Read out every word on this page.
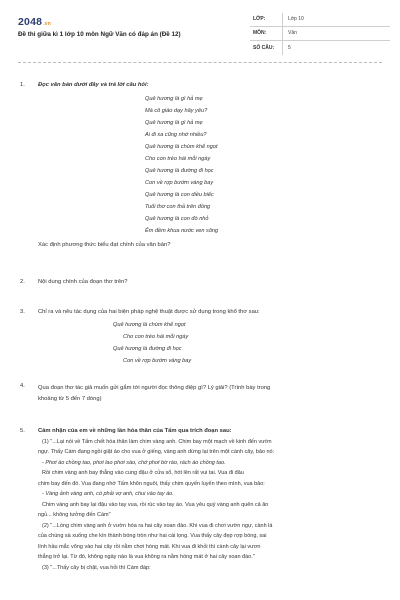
2048.vn
Đề thi giữa kì 1 lớp 10 môn Ngữ Văn có đáp án (Đề 12)
LỚP:	Lớp 10
MÔN:	Văn
SỐ CÂU:	5
1. Đọc văn bản dưới đây và trả lời câu hỏi:
Quê hương là gì hả mẹ
Mà cô giáo dạy hãy yêu?
Quê hương là gì hả mẹ
Ai đi xa cũng nhớ nhiều?
Quê hương là chùm khế ngọt
Cho con trèo hái mỗi ngày
Quê hương là đường đi học
Con về rợp bướm vàng bay
Quê hương là con diều biếc
Tuổi thơ con thả trên đồng
Quê hương là con đò nhỏ
Êm đềm khua nước ven sông
Xác định phương thức biểu đạt chính của văn bản?
2. Nội dung chính của đoạn thơ trên?
3. Chỉ ra và nêu tác dụng của hai biện pháp nghệ thuật được sử dụng trong khổ thơ sau:
Quê hương là chùm khế ngọt
Cho con trèo hái mỗi ngày
Quê hương là đường đi học
Con về rợp bướm vàng bay
4. Qua đoạn thơ tác giả muốn gửi gắm tới người đọc thông điệp gì? Lý giải? (Trình bày trong
khoảng từ 5 đến 7 dòng)
5. Cảm nhận của em về những lần hóa thân của Tấm qua trích đoạn sau:
(1) "...Lại nói về Tấm chết hóa thân làm chim vàng anh. Chim bay một mạch về kinh đến vườn
ngự. Thấy Cám đang ngồi giặt áo cho vua ở giếng, vàng anh dừng lại trên một cành cây, bảo nó:
- Phơi áo chồng tao, phơi lao phơi sào, chớ phơi bờ rào, rách áo chồng tao.
Rồi chim vàng anh bay thẳng vào cung đậu ở cửa sổ, hót lên rất vui tai. Vua đi đâu
chim bay đến đó. Vua đang nhớ Tấm khôn nguôi, thấy chim quyến luyến theo mình, vua bảo:
- Vàng ảnh vàng anh, có phải vợ anh, chui vào tay áo.
Chim vàng anh bay lại đậu vào tay vua, rồi rúc vào tay áo. Vua yêu quý vàng anh quên cả ăn
ngủ... không tưởng đến Cám"
(2) "...Lòng chim vàng anh ở vườn hóa ra hai cây xoan đào. Khi vua đi chơi vườn ngự, cành lá
của chúng sà xuống che kín thành bóng tròn như hai cái lọng. Vua thấy cây đẹp rợp bóng, sai
lính hầu mắc võng vào hai cây rồi nằm chơi hóng mát. Khi vua đi khỏi thì cành cây lại vươn
thẳng trở lại. Từ đó, không ngày nào là vua không ra nằm hóng mát ở hai cây xoan đào."
(3) "...Thấy cây bị chặt, vua hỏi thì Cám đáp:
